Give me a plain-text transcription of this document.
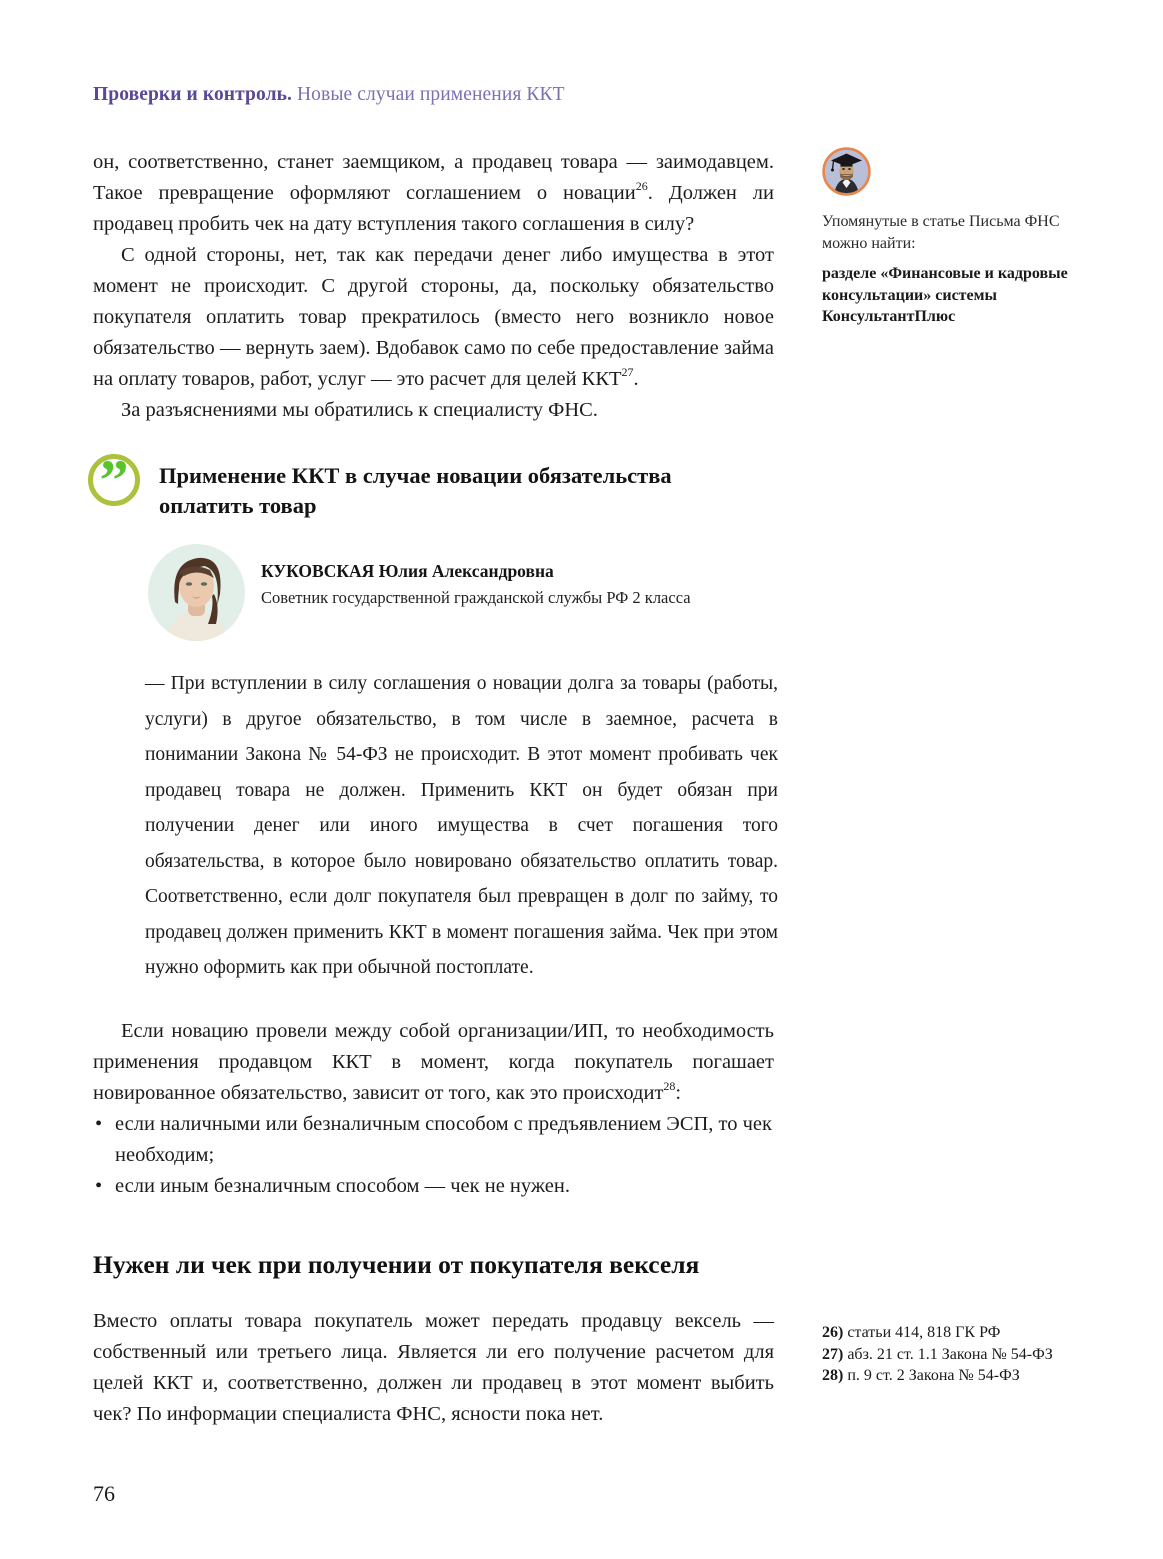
Проверки и контроль. Новые случаи применения ККТ

он, соответственно, станет заемщиком, а продавец товара — заимодавцем. Такое превращение оформляют соглашением о новации$^{26}$. Должен ли продавец пробить чек на дату вступления такого соглашения в силу?

С одной стороны, нет, так как передачи денег либо имущества в этот момент не происходит. С другой стороны, да, поскольку обязательство покупателя оплатить товар прекратилось (вместо него возникло новое обязательство — вернуть заем). Вдобавок само по себе предоставление займа на оплату товаров, работ, услуг — это расчет для целей ККТ$^{27}$.

За разъяснениями мы обратились к специалисту ФНС.

” Применение ККТ в случае новации обязательства оплатить товар
КУКОВСКАЯ Юлия Александровна
Советник государственной гражданской службы РФ 2 класса
— При вступлении в силу соглашения о новации долга за товары (работы, услуги) в другое обязательство, в том числе в заемное, расчета в понимании Закона № 54-ФЗ не происходит. В этот момент пробивать чек продавец товара не должен. Применить ККТ он будет обязан при получении денег или иного имущества в счет погашения того обязательства, в которое было новировано обязательство оплатить товар. Соответственно, если долг покупателя был превращен в долг по займу, то продавец должен применить ККТ в момент погашения займа. Чек при этом нужно оформить как при обычной постоплате.

Если новацию провели между собой организации/ИП, то необходимость применения продавцом ККТ в момент, когда покупатель погашает новированное обязательство, зависит от того, как это происходит$^{28}$:

• если наличными или безналичным способом с предъявлением ЭСП, то чек необходим;
• если иным безналичным способом — чек не нужен.
Нужен ли чек при получении от покупателя векселя

Вместо оплаты товара покупатель может передать продавцу вексель — собственный или третьего лица. Является ли его получение расчетом для целей ККТ и, соответственно, должен ли продавец в этот момент выбить чек? По информации специалиста ФНС, ясности пока нет.

Упомянутые в статье Письма ФНС можно найти:
разделе «Финансовые и кадровые консультации» системы КонсультантПлюс

26) статьи 414, 818 ГК РФ

27) абз. 21 ст. 1.1 Закона № 54-ФЗ

28) п. 9 ст. 2 Закона № 54-ФЗ

76
